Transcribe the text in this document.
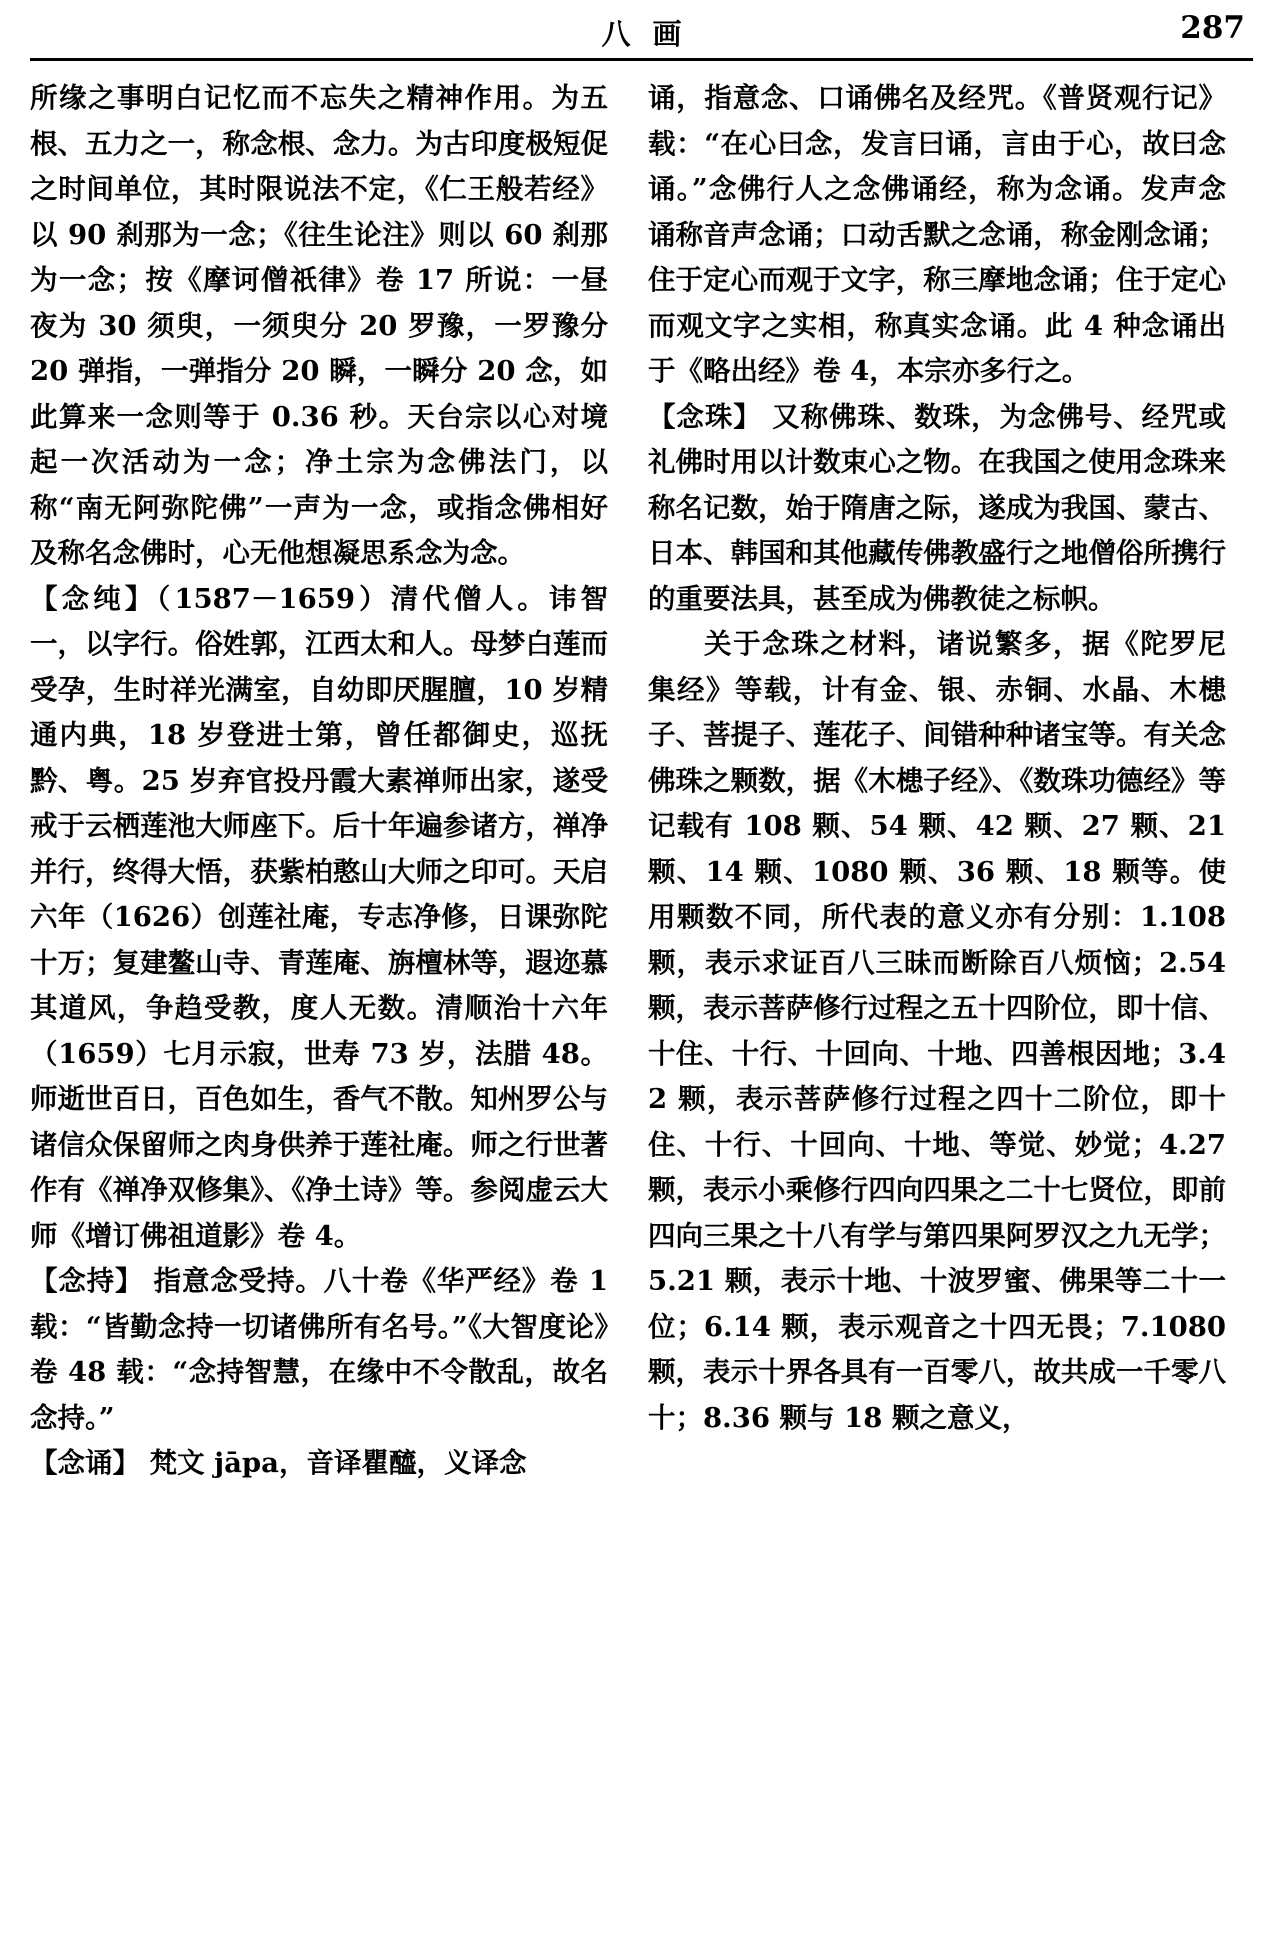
八画	287

所缘之事明白记忆而不忘失之精神作用。为五根、五力之一，称念根、念力。为古印度极短促之时间单位，其时限说法不定，《仁王般若经》以 90 刹那为一念；《往生论注》则以 60 刹那为一念；按《摩诃僧祇律》卷 17 所说：一昼夜为 30 须臾，一须臾分 20 罗豫，一罗豫分 20 弹指，一弹指分 20 瞬，一瞬分 20 念，如此算来一念则等于 0.36 秒。天台宗以心对境起一次活动为一念；净土宗为念佛法门，以称“南无阿弥陀佛”一声为一念，或指念佛相好及称名念佛时，心无他想凝思系念为念。

【念纯】（1587－1659）清代僧人。讳智一，以字行。俗姓郭，江西太和人。母梦白莲而受孕，生时祥光满室，自幼即厌腥膻，10 岁精通内典，18 岁登进士第，曾任都御史，巡抚黔、粤。25 岁弃官投丹霞大素禅师出家，遂受戒于云栖莲池大师座下。后十年遍参诸方，禅净并行，终得大悟，获紫柏憨山大师之印可。天启六年（1626）创莲社庵，专志净修，日课弥陀十万；复建鳌山寺、青莲庵、旃檀林等，遐迩慕其道风，争趋受教，度人无数。清顺治十六年（1659）七月示寂，世寿 73 岁，法腊 48。师逝世百日，百色如生，香气不散。知州罗公与诸信众保留师之肉身供养于莲社庵。师之行世著作有《禅净双修集》、《净土诗》等。参阅虚云大师《增订佛祖道影》卷 4。

【念持】 指意念受持。八十卷《华严经》卷 1 载：“皆勤念持一切诸佛所有名号。”《大智度论》卷 48 载：“念持智慧，在缘中不令散乱，故名念持。”

【念诵】 梵文 jāpa，音译瞿醯，义译念

诵，指意念、口诵佛名及经咒。《普贤观行记》载：“在心曰念，发言曰诵，言由于心，故曰念诵。”念佛行人之念佛诵经，称为念诵。发声念诵称音声念诵；口动舌默之念诵，称金刚念诵；住于定心而观于文字，称三摩地念诵；住于定心而观文字之实相，称真实念诵。此 4 种念诵出于《略出经》卷 4，本宗亦多行之。

【念珠】 又称佛珠、数珠，为念佛号、经咒或礼佛时用以计数束心之物。在我国之使用念珠来称名记数，始于隋唐之际，遂成为我国、蒙古、日本、韩国和其他藏传佛教盛行之地僧俗所携行的重要法具，甚至成为佛教徒之标帜。

关于念珠之材料，诸说繁多，据《陀罗尼集经》等载，计有金、银、赤铜、水晶、木槵子、菩提子、莲花子、间错种种诸宝等。有关念佛珠之颗数，据《木槵子经》、《数珠功德经》等记载有 108 颗、54 颗、42 颗、27 颗、21 颗、14 颗、1080 颗、36 颗、18 颗等。使用颗数不同，所代表的意义亦有分别：1.108 颗，表示求证百八三昧而断除百八烦恼；2.54 颗，表示菩萨修行过程之五十四阶位，即十信、十住、十行、十回向、十地、四善根因地；3.42 颗，表示菩萨修行过程之四十二阶位，即十住、十行、十回向、十地、等觉、妙觉；4.27 颗，表示小乘修行四向四果之二十七贤位，即前四向三果之十八有学与第四果阿罗汉之九无学；5.21 颗，表示十地、十波罗蜜、佛果等二十一位；6.14 颗，表示观音之十四无畏；7.1080 颗，表示十界各具有一百零八，故共成一千零八十；8.36 颗与 18 颗之意义，
